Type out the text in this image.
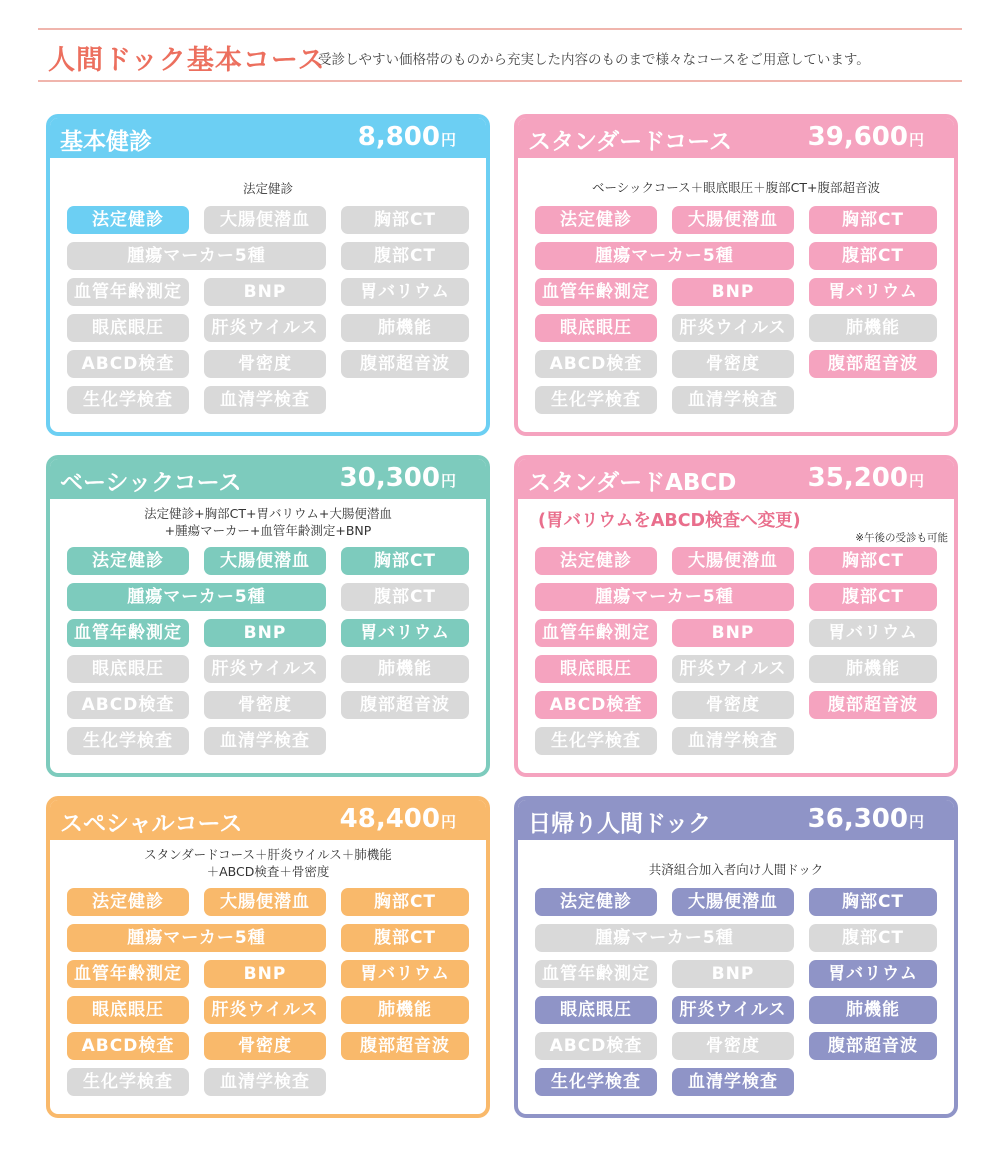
人間ドック基本コース
受診しやすい価格帯のものから充実した内容のものまで様々なコースをご用意しています。
基本健診	8,800円
法定健診
法定健診	大腸便潜血	胸部CT
腫瘍マーカー5種	腹部CT
血管年齢測定	BNP	胃バリウム
眼底眼圧	肝炎ウイルス	肺機能
ABCD検査	骨密度	腹部超音波
生化学検査	血清学検査
スタンダードコース	39,600円
ベーシックコース＋眼底眼圧＋腹部CT+腹部超音波
法定健診	大腸便潜血	胸部CT
腫瘍マーカー5種	腹部CT
血管年齢測定	BNP	胃バリウム
眼底眼圧	肝炎ウイルス	肺機能
ABCD検査	骨密度	腹部超音波
生化学検査	血清学検査
ベーシックコース	30,300円
法定健診+胸部CT+胃バリウム+大腸便潜血
+腫瘍マーカー+血管年齢測定+BNP
法定健診	大腸便潜血	胸部CT
腫瘍マーカー5種	腹部CT
血管年齢測定	BNP	胃バリウム
眼底眼圧	肝炎ウイルス	肺機能
ABCD検査	骨密度	腹部超音波
生化学検査	血清学検査
スタンダードABCD	35,200円
(胃バリウムをABCD検査へ変更)
※午後の受診も可能
法定健診	大腸便潜血	胸部CT
腫瘍マーカー5種	腹部CT
血管年齢測定	BNP	胃バリウム
眼底眼圧	肝炎ウイルス	肺機能
ABCD検査	骨密度	腹部超音波
生化学検査	血清学検査
スペシャルコース	48,400円
スタンダードコース＋肝炎ウイルス＋肺機能
＋ABCD検査＋骨密度
法定健診	大腸便潜血	胸部CT
腫瘍マーカー5種	腹部CT
血管年齢測定	BNP	胃バリウム
眼底眼圧	肝炎ウイルス	肺機能
ABCD検査	骨密度	腹部超音波
生化学検査	血清学検査
日帰り人間ドック	36,300円
共済組合加入者向け人間ドック
法定健診	大腸便潜血	胸部CT
腫瘍マーカー5種	腹部CT
血管年齢測定	BNP	胃バリウム
眼底眼圧	肝炎ウイルス	肺機能
ABCD検査	骨密度	腹部超音波
生化学検査	血清学検査
